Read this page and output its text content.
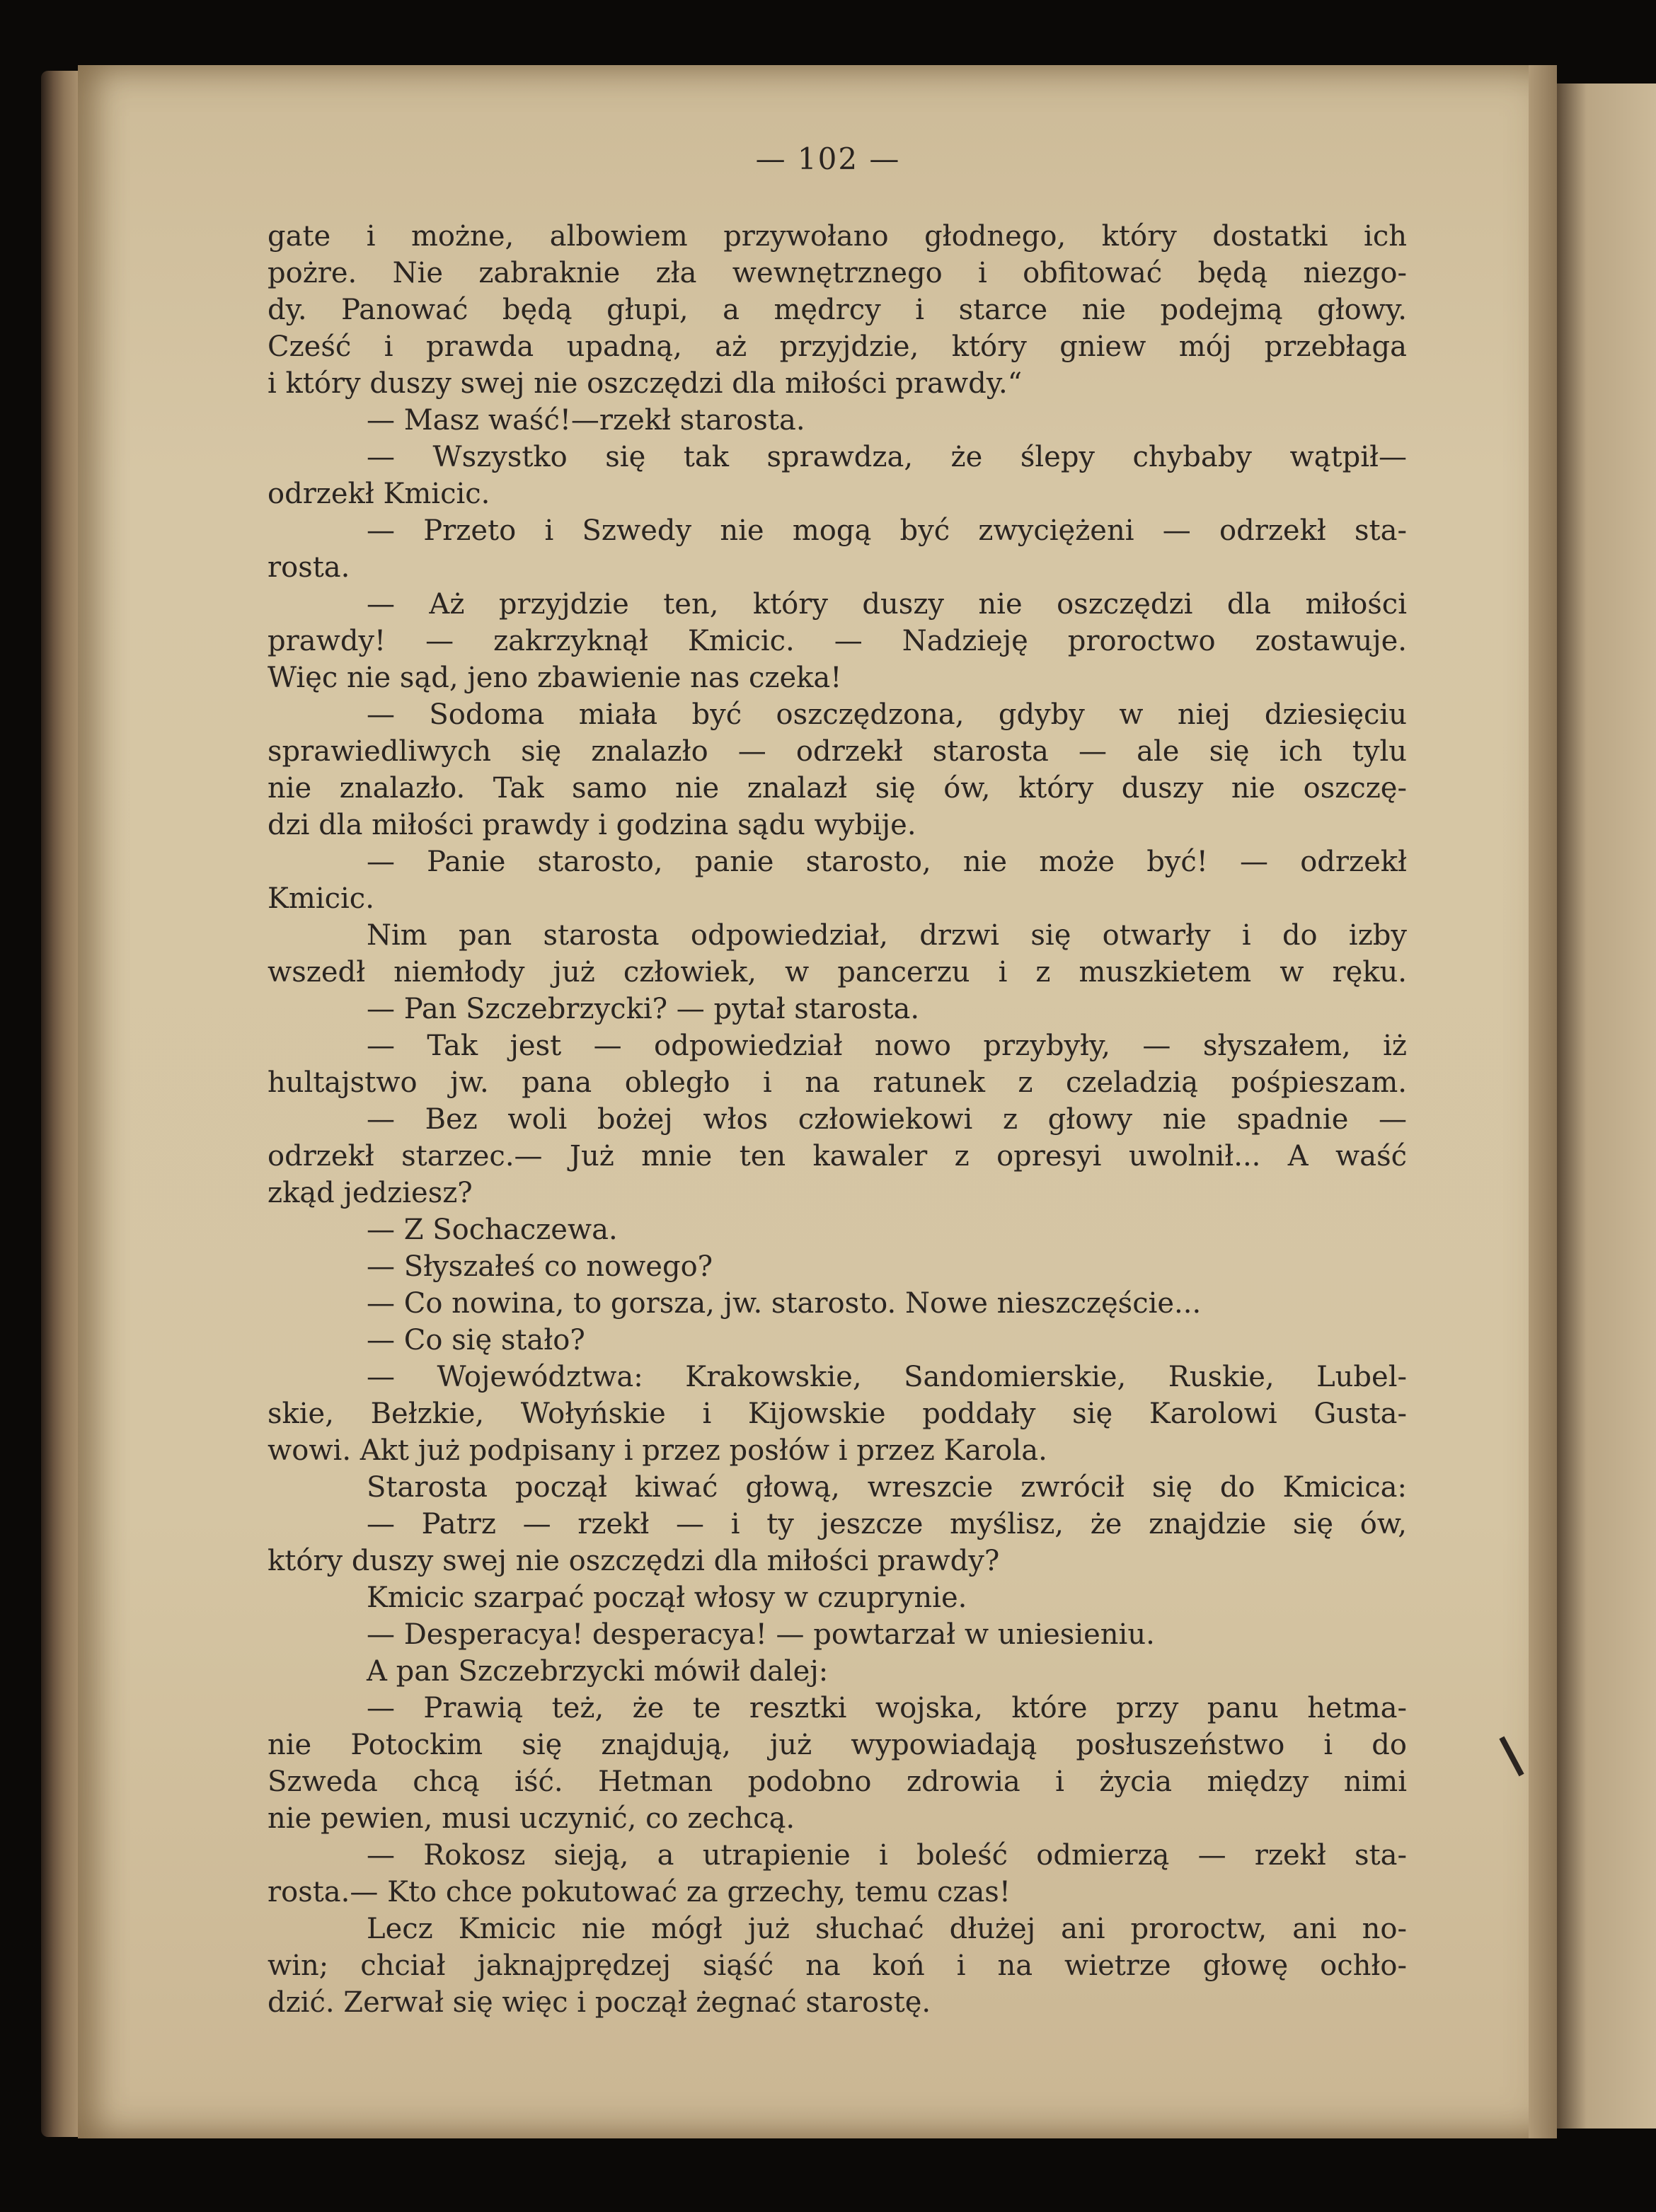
— 102 —
gate i możne, albowiem przywołano głodnego, który dostatki ich
pożre. Nie zabraknie zła wewnętrznego i obfitować będą niezgo-
dy. Panować będą głupi, a mędrcy i starce nie podejmą głowy.
Cześć i prawda upadną, aż przyjdzie, który gniew mój przebłaga
i który duszy swej nie oszczędzi dla miłości prawdy.“
— Masz waść!—rzekł starosta.
— Wszystko się tak sprawdza, że ślepy chybaby wątpił—
odrzekł Kmicic.
— Przeto i Szwedy nie mogą być zwyciężeni — odrzekł sta-
rosta.
— Aż przyjdzie ten, który duszy nie oszczędzi dla miłości
prawdy! — zakrzyknął Kmicic. — Nadzieję proroctwo zostawuje.
Więc nie sąd, jeno zbawienie nas czeka!
— Sodoma miała być oszczędzona, gdyby w niej dziesięciu
sprawiedliwych się znalazło — odrzekł starosta — ale się ich tylu
nie znalazło. Tak samo nie znalazł się ów, który duszy nie oszczę-
dzi dla miłości prawdy i godzina sądu wybije.
— Panie starosto, panie starosto, nie może być! — odrzekł
Kmicic.
Nim pan starosta odpowiedział, drzwi się otwarły i do izby
wszedł niemłody już człowiek, w pancerzu i z muszkietem w ręku.
— Pan Szczebrzycki? — pytał starosta.
— Tak jest — odpowiedział nowo przybyły, — słyszałem, iż
hultajstwo jw. pana obległo i na ratunek z czeladzią pośpieszam.
— Bez woli bożej włos człowiekowi z głowy nie spadnie —
odrzekł starzec.— Już mnie ten kawaler z opresyi uwolnił... A waść
zkąd jedziesz?
— Z Sochaczewa.
— Słyszałeś co nowego?
— Co nowina, to gorsza, jw. starosto. Nowe nieszczęście...
— Co się stało?
— Województwa: Krakowskie, Sandomierskie, Ruskie, Lubel-
skie, Bełzkie, Wołyńskie i Kijowskie poddały się Karolowi Gusta-
wowi. Akt już podpisany i przez posłów i przez Karola.
Starosta począł kiwać głową, wreszcie zwrócił się do Kmicica:
— Patrz — rzekł — i ty jeszcze myślisz, że znajdzie się ów,
który duszy swej nie oszczędzi dla miłości prawdy?
Kmicic szarpać począł włosy w czuprynie.
— Desperacya! desperacya! — powtarzał w uniesieniu.
A pan Szczebrzycki mówił dalej:
— Prawią też, że te resztki wojska, które przy panu hetma-
nie Potockim się znajdują, już wypowiadają posłuszeństwo i do
Szweda chcą iść. Hetman podobno zdrowia i życia między nimi
nie pewien, musi uczynić, co zechcą.
— Rokosz sieją, a utrapienie i boleść odmierzą — rzekł sta-
rosta.— Kto chce pokutować za grzechy, temu czas!
Lecz Kmicic nie mógł już słuchać dłużej ani proroctw, ani no-
win; chciał jaknajprędzej siąść na koń i na wietrze głowę ochło-
dzić. Zerwał się więc i począł żegnać starostę.
